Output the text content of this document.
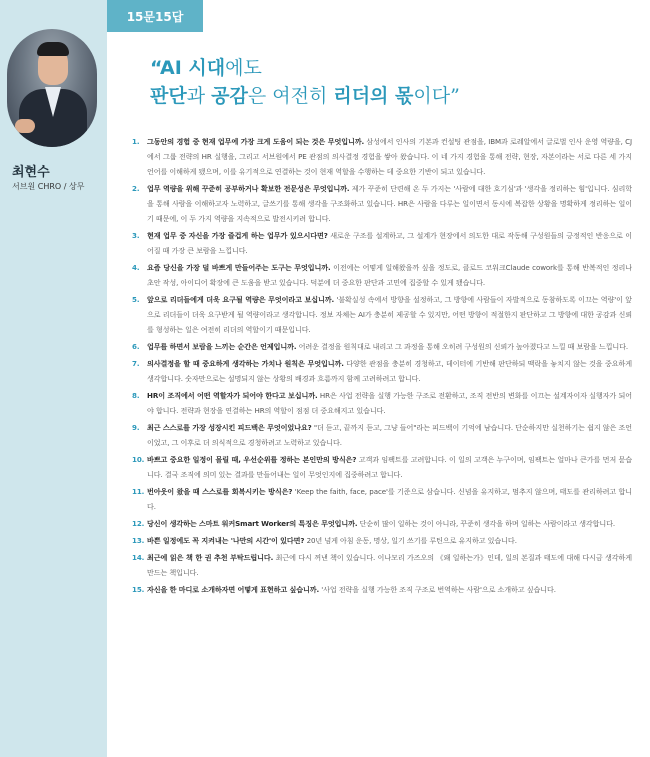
최현수
서브원 CHRO / 상무
15문15답
“AI 시대에도
판단과 공감은 여전히 리더의 몫이다”
1.	그동안의 경험 중 현재 업무에 가장 크게 도움이 되는 것은 무엇입니까. 삼성에서 인사의 기본과 컨설팅 관점을, IBM과 로레알에서 글로벌 인사 운영 역량을, CJ에서 그룹 전략의 HR 실행을, 그리고 서브원에서 PE 관점의 의사결정 경험을 쌓아 왔습니다. 이 네 가지 경험을 통해 전략, 현장, 자본이라는 서로 다른 세 가지 언어를 이해하게 됐으며, 이를 유기적으로 연결하는 것이 현재 역할을 수행하는 데 중요한 기반이 되고 있습니다.
2.	업무 역량을 위해 꾸준히 공부하거나 확보한 전문성은 무엇입니까. 제가 꾸준히 단련해 온 두 가지는 '사람에 대한 호기심'과 '생각을 정리하는 힘'입니다. 심리학을 통해 사람을 이해하고자 노력하고, 글쓰기를 통해 생각을 구조화하고 있습니다. HR은 사람을 다루는 일이면서 동시에 복잡한 상황을 명확하게 정리하는 일이기 때문에, 이 두 가지 역량을 지속적으로 발전시키려 합니다.
3.	현재 업무 중 자신을 가장 즐겁게 하는 업무가 있으시다면? 새로운 구조를 설계하고, 그 설계가 현장에서 의도한 대로 작동해 구성원들의 긍정적인 반응으로 이어질 때 가장 큰 보람을 느낍니다.
4.	요즘 당신을 가장 덜 바쁘게 만들어주는 도구는 무엇입니까. 이전에는 어떻게 일해왔을까 싶을 정도로, 클로드 코워크Claude cowork를 통해 반복적인 정리나 초안 작성, 아이디어 확장에 큰 도움을 받고 있습니다. 덕분에 더 중요한 판단과 고민에 집중할 수 있게 됐습니다.
5.	앞으로 리더들에게 더욱 요구될 역량은 무엇이라고 보십니까. '불확실성 속에서 방향을 설정하고, 그 방향에 사람들이 자발적으로 동참하도록 이끄는 역량'이 앞으로 리더들이 더욱 요구받게 될 역량이라고 생각합니다. 정보 자체는 AI가 충분히 제공할 수 있지만, 어떤 방향이 적절한지 판단하고 그 방향에 대한 공감과 신뢰를 형성하는 일은 여전히 리더의 역할이기 때문입니다.
6.	업무를 하면서 보람을 느끼는 순간은 언제입니까. 어려운 결정을 원칙대로 내리고 그 과정을 통해 오히려 구성원의 신뢰가 높아졌다고 느낄 때 보람을 느낍니다.
7.	의사결정을 할 때 중요하게 생각하는 가치나 원칙은 무엇입니까. 다양한 관점을 충분히 경청하고, 데이터에 기반해 판단하되 맥락을 놓치지 않는 것을 중요하게 생각합니다. 숫자만으로는 설명되지 않는 상황의 배경과 흐름까지 함께 고려하려고 합니다.
8.	HR이 조직에서 어떤 역할자가 되어야 한다고 보십니까. HR은 사업 전략을 실행 가능한 구조로 전환하고, 조직 전반의 변화를 이끄는 설계자이자 실행자가 되어야 합니다. 전략과 현장을 연결하는 HR의 역할이 점점 더 중요해지고 있습니다.
9.	최근 스스로를 가장 성장시킨 피드백은 무엇이었나요? "더 듣고, 끝까지 듣고, 그냥 들어"라는 피드백이 기억에 남습니다. 단순하지만 실천하기는 쉽지 않은 조언이었고, 그 이후로 더 의식적으로 경청하려고 노력하고 있습니다.
10. 바쁘고 중요한 일정이 몰릴 때, 우선순위를 정하는 본인만의 방식은? 고객과 임팩트를 고려합니다. 이 일의 고객은 누구이며, 임팩트는 얼마나 큰가를 먼저 묻습니다. 결국 조직에 의미 있는 결과를 만들어내는 일이 무엇인지에 집중하려고 합니다.
11. 번아웃이 왔을 때 스스로를 회복시키는 방식은? 'Keep the faith, face, pace'를 기준으로 삼습니다. 신념을 유지하고, 멈추지 않으며, 태도를 관리하려고 합니다.
12. 당신이 생각하는 스마트 워커Smart Worker의 특징은 무엇입니까. 단순히 많이 일하는 것이 아니라, 꾸준히 생각을 하며 일하는 사람이라고 생각합니다.
13. 바쁜 일정에도 꼭 지켜내는 '나만의 시간'이 있다면? 20년 넘게 아침 운동, 명상, 일기 쓰기를 루틴으로 유지하고 있습니다.
14. 최근에 읽은 책 한 권 추천 부탁드립니다. 최근에 다시 꺼낸 책이 있습니다. 이나모리 가즈오의 《왜 일하는가》인데, 일의 본질과 태도에 대해 다시금 생각하게 만드는 책입니다.
15. 자신을 한 마디로 소개하자면 어떻게 표현하고 싶습니까. '사업 전략을 실행 가능한 조직 구조로 번역하는 사람'으로 소개하고 싶습니다.
